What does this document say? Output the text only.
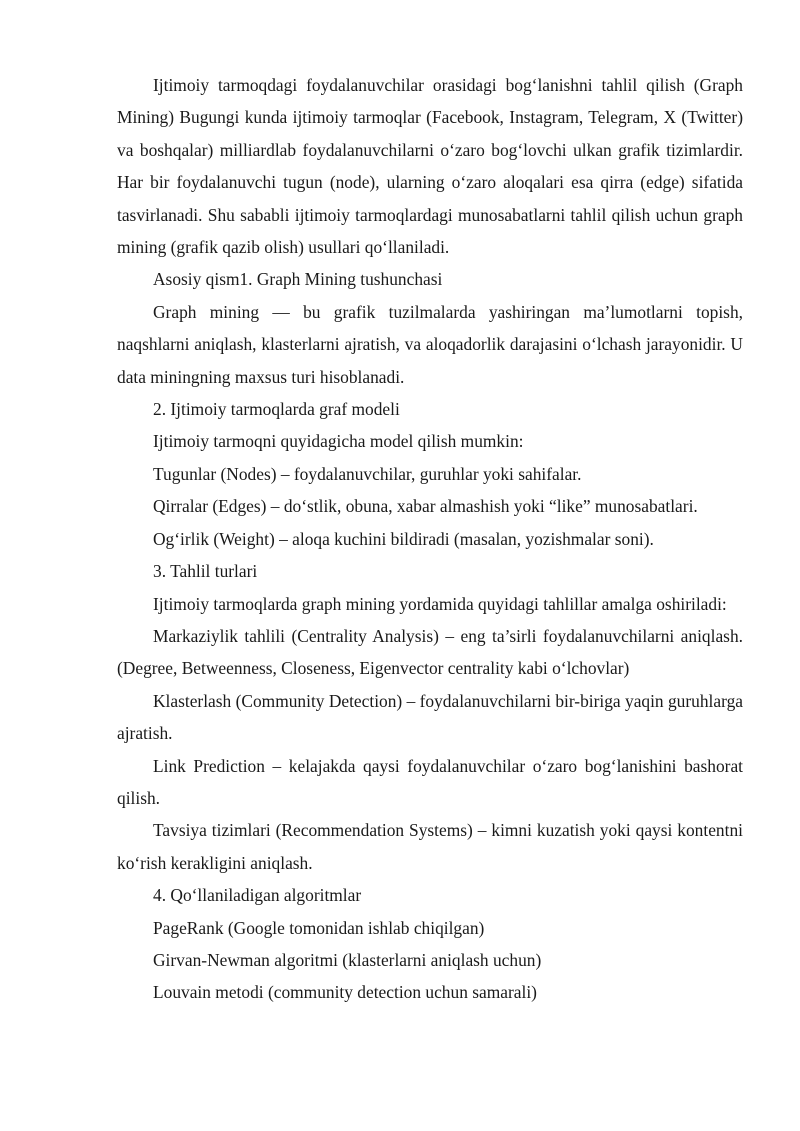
Ijtimoiy tarmoqdagi foydalanuvchilar orasidagi bog‘lanishni tahlil qilish (Graph Mining) Bugungi kunda ijtimoiy tarmoqlar (Facebook, Instagram, Telegram, X (Twitter) va boshqalar) milliardlab foydalanuvchilarni o‘zaro bog‘lovchi ulkan grafik tizimlardir. Har bir foydalanuvchi tugun (node), ularning o‘zaro aloqalari esa qirra (edge) sifatida tasvirlanadi. Shu sababli ijtimoiy tarmoqlardagi munosabatlarni tahlil qilish uchun graph mining (grafik qazib olish) usullari qo‘llaniladi.

Asosiy qism1. Graph Mining tushunchasi

Graph mining — bu grafik tuzilmalarda yashiringan ma’lumotlarni topish, naqshlarni aniqlash, klasterlarni ajratish, va aloqadorlik darajasini o‘lchash jarayonidir. U data miningning maxsus turi hisoblanadi.

2. Ijtimoiy tarmoqlarda graf modeli

Ijtimoiy tarmoqni quyidagicha model qilish mumkin:

Tugunlar (Nodes) – foydalanuvchilar, guruhlar yoki sahifalar.

Qirralar (Edges) – do‘stlik, obuna, xabar almashish yoki “like” munosabatlari.

Og‘irlik (Weight) – aloqa kuchini bildiradi (masalan, yozishmalar soni).

3. Tahlil turlari

Ijtimoiy tarmoqlarda graph mining yordamida quyidagi tahlillar amalga oshiriladi:

Markaziylik tahlili (Centrality Analysis) – eng ta’sirli foydalanuvchilarni aniqlash.(Degree, Betweenness, Closeness, Eigenvector centrality kabi o‘lchovlar)

Klasterlash (Community Detection) – foydalanuvchilarni bir-biriga yaqin guruhlarga ajratish.

Link Prediction – kelajakda qaysi foydalanuvchilar o‘zaro bog‘lanishini bashorat qilish.

Tavsiya tizimlari (Recommendation Systems) – kimni kuzatish yoki qaysi kontentni ko‘rish kerakligini aniqlash.

4. Qo‘llaniladigan algoritmlar

PageRank (Google tomonidan ishlab chiqilgan)

Girvan-Newman algoritmi (klasterlarni aniqlash uchun)

Louvain metodi (community detection uchun samarali)
